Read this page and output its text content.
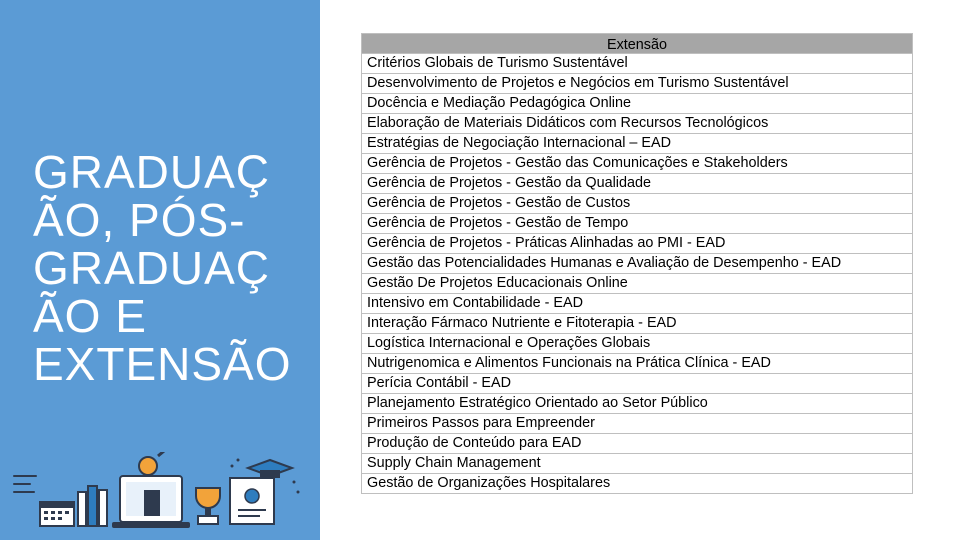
GRADUAÇ
ÃO, PÓS-
GRADUAÇ
ÃO E
EXTENSÃO
Extensão
Critérios Globais de Turismo Sustentável
Desenvolvimento de Projetos e Negócios em Turismo Sustentável
Docência e Mediação Pedagógica Online
Elaboração de Materiais Didáticos com Recursos Tecnológicos
Estratégias de Negociação Internacional – EAD
Gerência de Projetos - Gestão das Comunicações e Stakeholders
Gerência de Projetos - Gestão da Qualidade
Gerência de Projetos - Gestão de Custos
Gerência de Projetos - Gestão de Tempo
Gerência de Projetos - Práticas Alinhadas ao PMI - EAD
Gestão das Potencialidades Humanas e Avaliação de Desempenho - EAD
Gestão De Projetos Educacionais Online
Intensivo em Contabilidade - EAD
Interação Fármaco Nutriente e Fitoterapia - EAD
Logística Internacional e Operações Globais
Nutrigenomica e Alimentos Funcionais na Prática Clínica - EAD
Perícia Contábil - EAD
Planejamento Estratégico Orientado ao Setor Público
Primeiros Passos para Empreender
Produção de Conteúdo para EAD
Supply Chain Management
Gestão de Organizações Hospitalares
